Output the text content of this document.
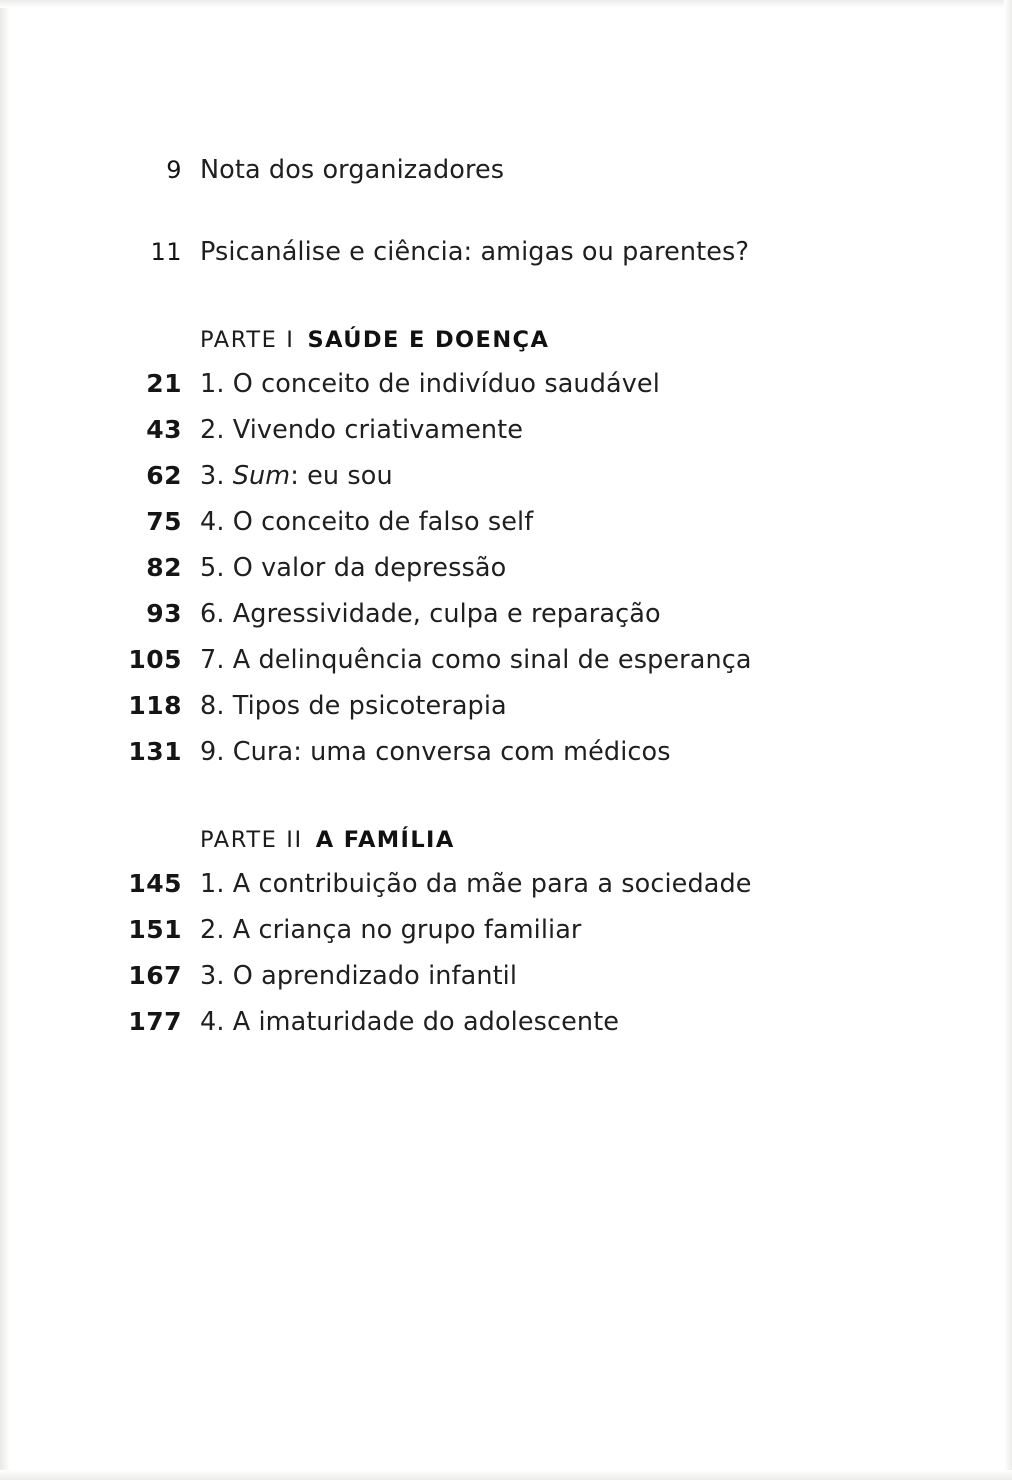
9 Nota dos organizadores
11 Psicanálise e ciência: amigas ou parentes?
PARTE I SAÚDE E DOENÇA
21 1. O conceito de indivíduo saudável
43 2. Vivendo criativamente
62 3. Sum: eu sou
75 4. O conceito de falso self
82 5. O valor da depressão
93 6. Agressividade, culpa e reparação
105 7. A delinquência como sinal de esperança
118 8. Tipos de psicoterapia
131 9. Cura: uma conversa com médicos
PARTE II A FAMÍLIA
145 1. A contribuição da mãe para a sociedade
151 2. A criança no grupo familiar
167 3. O aprendizado infantil
177 4. A imaturidade do adolescente
